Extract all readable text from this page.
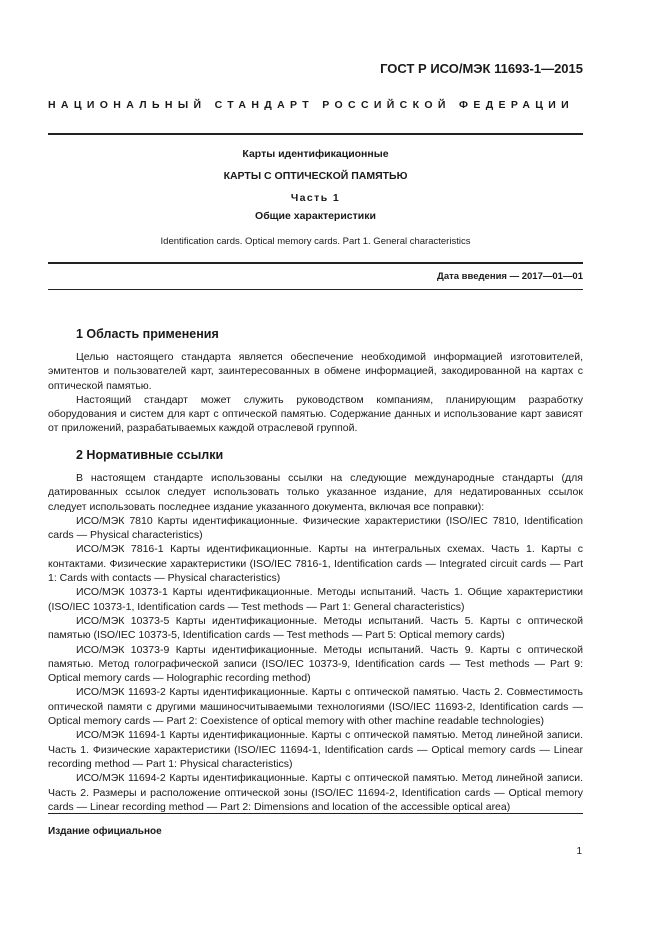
ГОСТ Р ИСО/МЭК 11693-1—2015
НАЦИОНАЛЬНЫЙ СТАНДАРТ РОССИЙСКОЙ ФЕДЕРАЦИИ
Карты идентификационные
КАРТЫ С ОПТИЧЕСКОЙ ПАМЯТЬЮ
Часть 1
Общие характеристики
Identification cards. Optical memory cards. Part 1. General characteristics
Дата введения — 2017—01—01
1 Область применения

Целью настоящего стандарта является обеспечение необходимой информацией изготовителей, эмитентов и пользователей карт, заинтересованных в обмене информацией, закодированной на картах с оптической памятью.

Настоящий стандарт может служить руководством компаниям, планирующим разработку оборудования и систем для карт с оптической памятью. Содержание данных и использование карт зависят от приложений, разрабатываемых каждой отраслевой группой.

2 Нормативные ссылки

В настоящем стандарте использованы ссылки на следующие международные стандарты (для датированных ссылок следует использовать только указанное издание, для недатированных ссылок следует использовать последнее издание указанного документа, включая все поправки):

ИСО/МЭК 7810 Карты идентификационные. Физические характеристики (ISO/IEC 7810, Identification cards — Physical characteristics)

ИСО/МЭК 7816-1 Карты идентификационные. Карты на интегральных схемах. Часть 1. Карты с контактами. Физические характеристики (ISO/IEC 7816-1, Identification cards — Integrated circuit cards — Part 1: Cards with contacts — Physical characteristics)

ИСО/МЭК 10373-1 Карты идентификационные. Методы испытаний. Часть 1. Общие характеристики (ISO/IEC 10373-1, Identification cards — Test methods — Part 1: General characteristics)

ИСО/МЭК 10373-5 Карты идентификационные. Методы испытаний. Часть 5. Карты с оптической памятью (ISO/IEC 10373-5, Identification cards — Test methods — Part 5: Optical memory cards)

ИСО/МЭК 10373-9 Карты идентификационные. Методы испытаний. Часть 9. Карты с оптической памятью. Метод голографической записи (ISO/IEC 10373-9, Identification cards — Test methods — Part 9: Optical memory cards — Holographic recording method)

ИСО/МЭК 11693-2 Карты идентификационные. Карты с оптической памятью. Часть 2. Совместимость оптической памяти с другими машиносчитываемыми технологиями (ISO/IEC 11693-2, Identification cards — Optical memory cards — Part 2: Coexistence of optical memory with other machine readable technologies)

ИСО/МЭК 11694-1 Карты идентификационные. Карты с оптической памятью. Метод линейной записи. Часть 1. Физические характеристики (ISO/IEC 11694-1, Identification cards — Optical memory cards — Linear recording method — Part 1: Physical characteristics)

ИСО/МЭК 11694-2 Карты идентификационные. Карты с оптической памятью. Метод линейной записи. Часть 2. Размеры и расположение оптической зоны (ISO/IEC 11694-2, Identification cards — Optical memory cards — Linear recording method — Part 2: Dimensions and location of the accessible optical area)

Издание официальное
1
